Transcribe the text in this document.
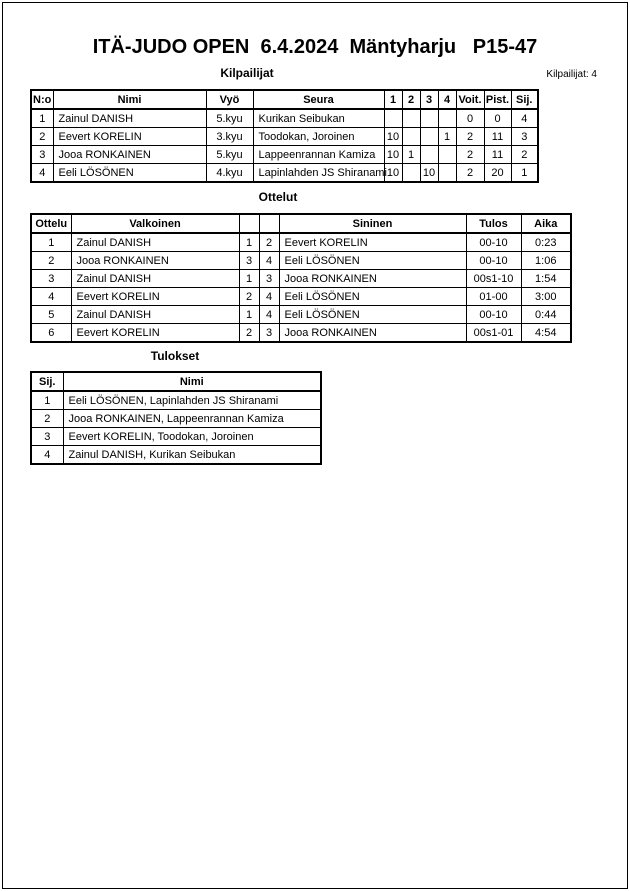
ITÄ-JUDO OPEN  6.4.2024  Mäntyharju   P15-47
Kilpailijat	Kilpailijat: 4
N:o	Nimi	Vyö	Seura	1	2	3	4	Voit.	Pist.	Sij.
1	Zainul DANISH	5.kyu	Kurikan Seibukan					0	0	4
2	Eevert KORELIN	3.kyu	Toodokan, Joroinen	10			1	2	11	3
3	Jooa RONKAINEN	5.kyu	Lappeenrannan Kamiza	10	1			2	11	2
4	Eeli LÖSÖNEN	4.kyu	Lapinlahden JS Shiranami	10		10		2	20	1
Ottelut
Ottelu	Valkoinen			Sininen	Tulos	Aika
1	Zainul DANISH	1	2	Eevert KORELIN	00-10	0:23
2	Jooa RONKAINEN	3	4	Eeli LÖSÖNEN	00-10	1:06
3	Zainul DANISH	1	3	Jooa RONKAINEN	00s1-10	1:54
4	Eevert KORELIN	2	4	Eeli LÖSÖNEN	01-00	3:00
5	Zainul DANISH	1	4	Eeli LÖSÖNEN	00-10	0:44
6	Eevert KORELIN	2	3	Jooa RONKAINEN	00s1-01	4:54
Tulokset
Sij.	Nimi
1	Eeli LÖSÖNEN, Lapinlahden JS Shiranami
2	Jooa RONKAINEN, Lappeenrannan Kamiza
3	Eevert KORELIN, Toodokan, Joroinen
4	Zainul DANISH, Kurikan Seibukan
